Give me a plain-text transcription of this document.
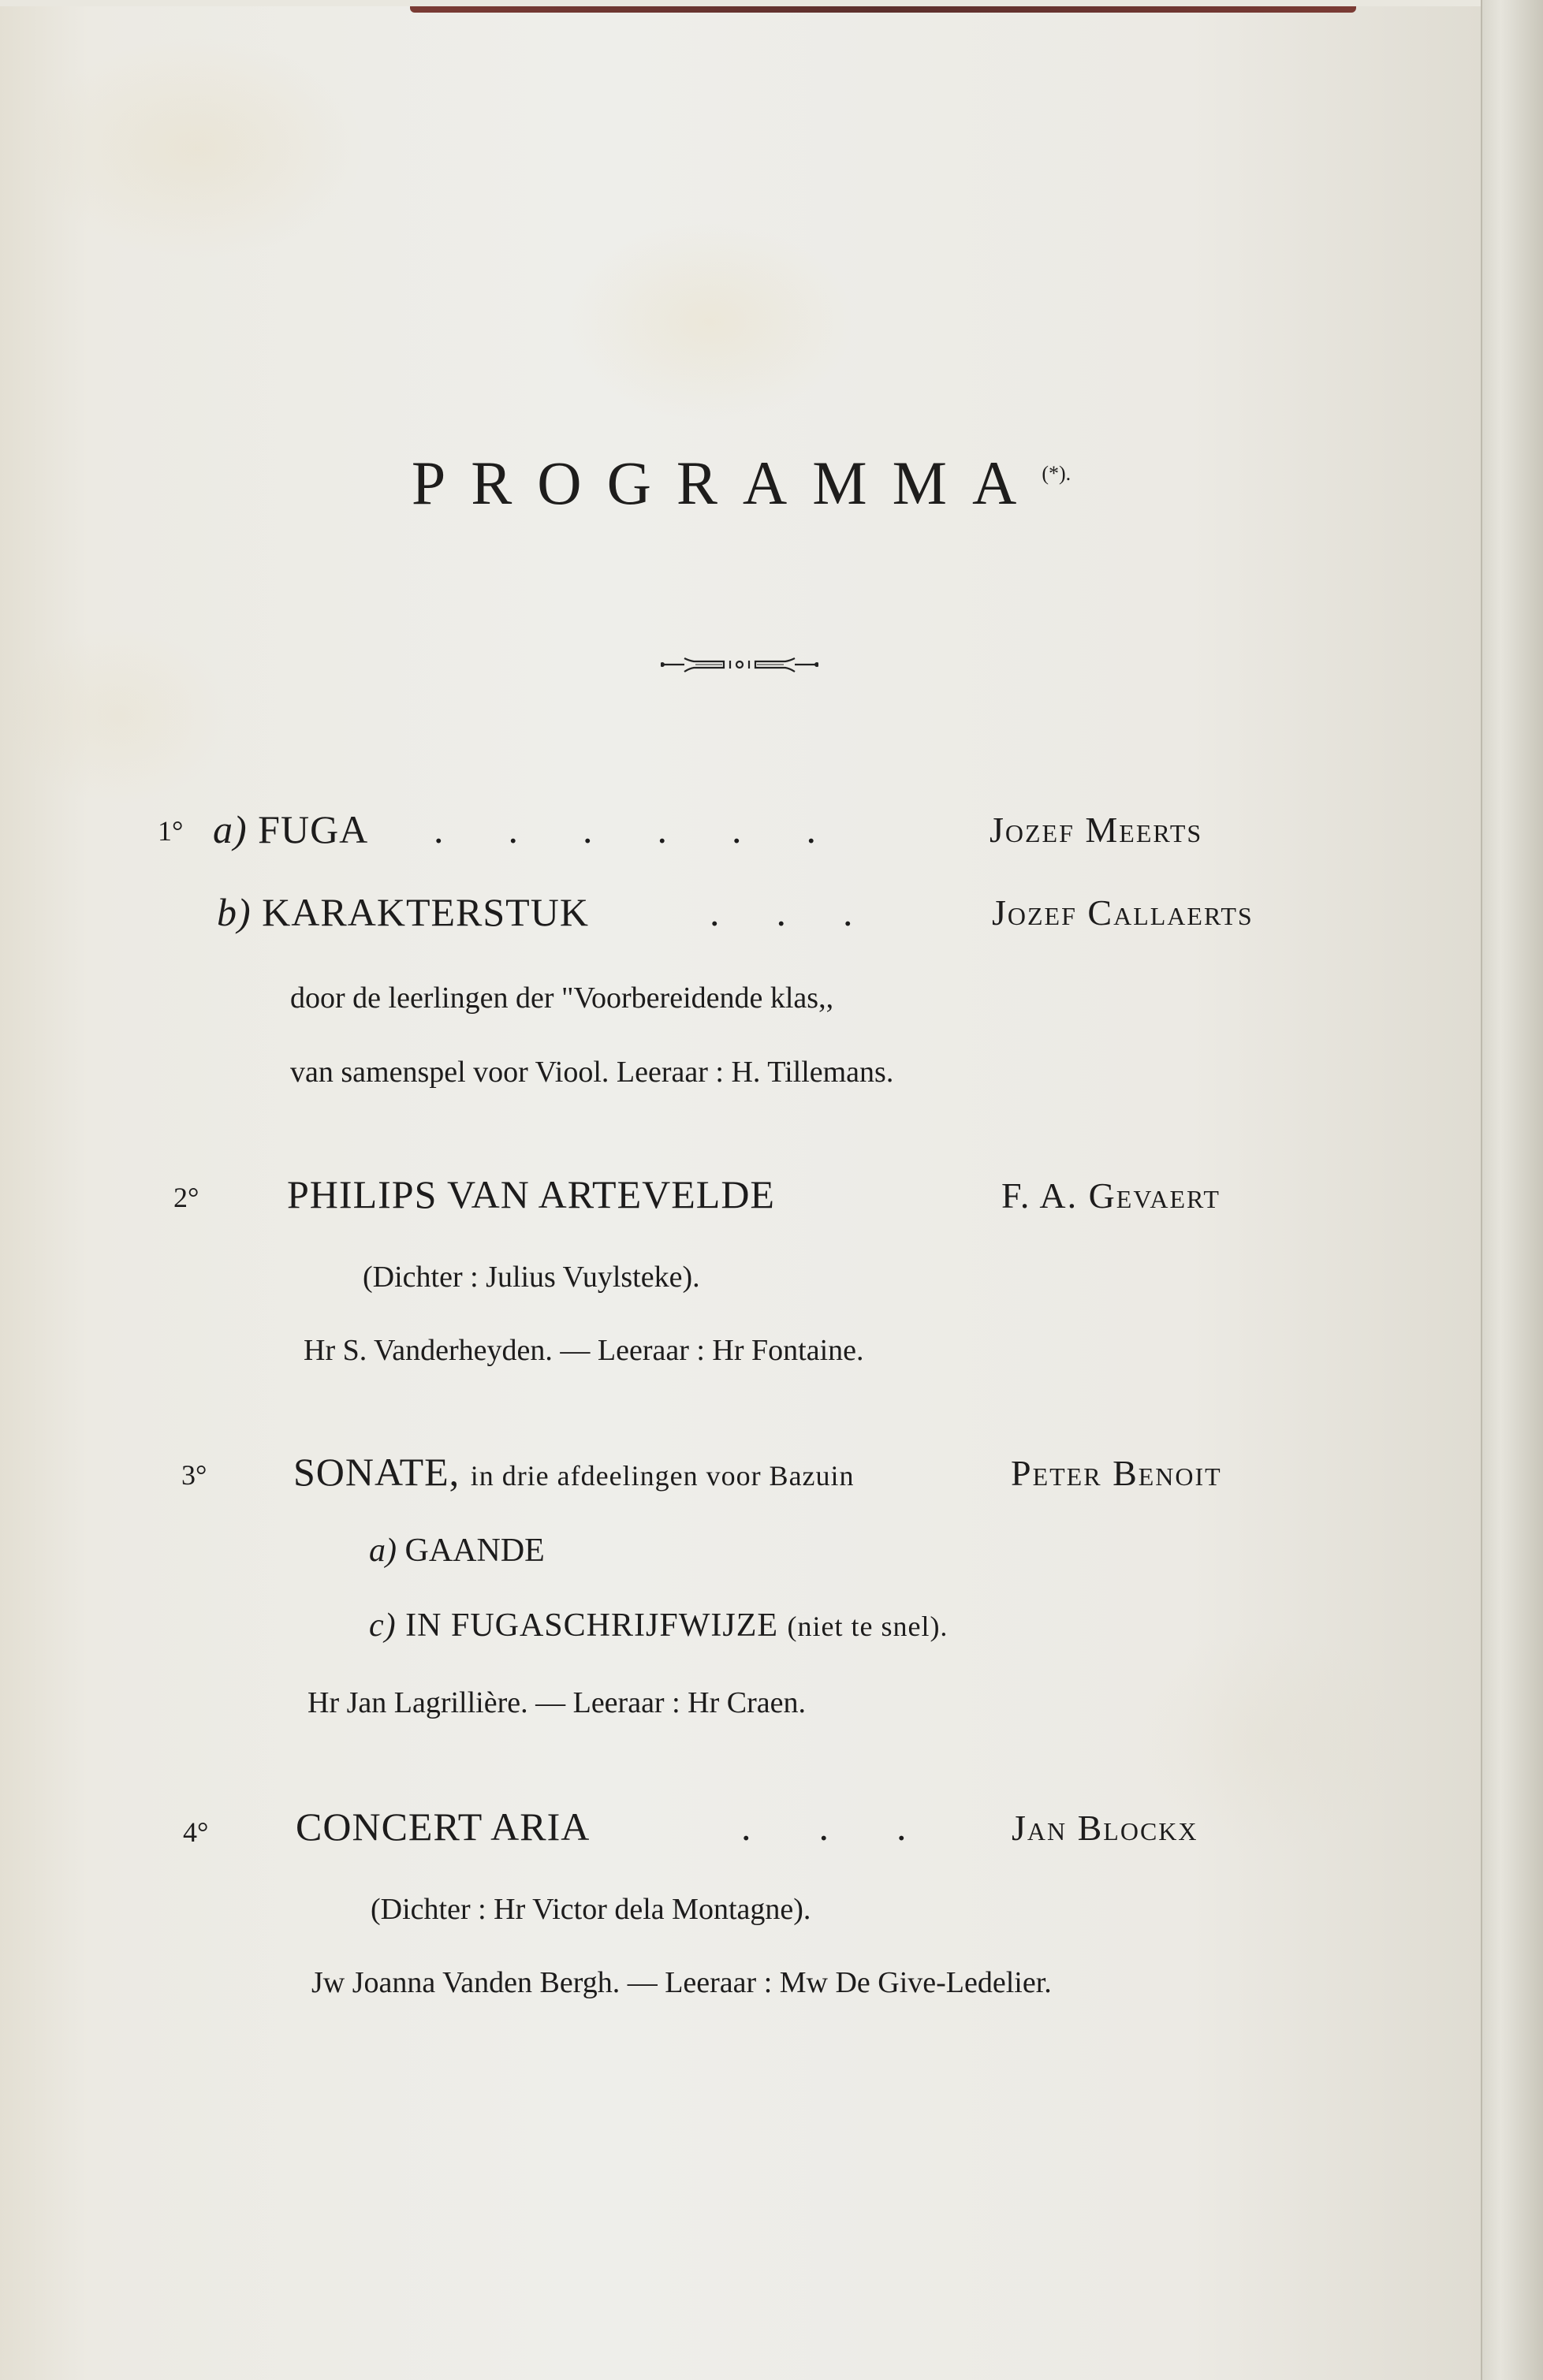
PROGRAMMA(*).
1° a) FUGA ......	Jozef Meerts
b) KARAKTERSTUK	... Jozef Callaerts
door de leerlingen der "Voorbereidende klas,,
van samenspel voor Viool. Leeraar : H. Tillemans.
2° PHILIPS VAN ARTEVELDE	F. A. Gevaert
(Dichter : Julius Vuylsteke).
Hr S. Vanderheyden. — Leeraar : Hr Fontaine.
3° SONATE, in drie afdeelingen voor Bazuin	Peter Benoit
a) GAANDE
c) IN FUGASCHRIJFWIJZE (niet te snel).
Hr Jan Lagrillière. — Leeraar : Hr Craen.
4° CONCERT ARIA	... Jan Blockx
(Dichter : Hr Victor dela Montagne).
Jw Joanna Vanden Bergh. — Leeraar : Mw De Give-Ledelier.
